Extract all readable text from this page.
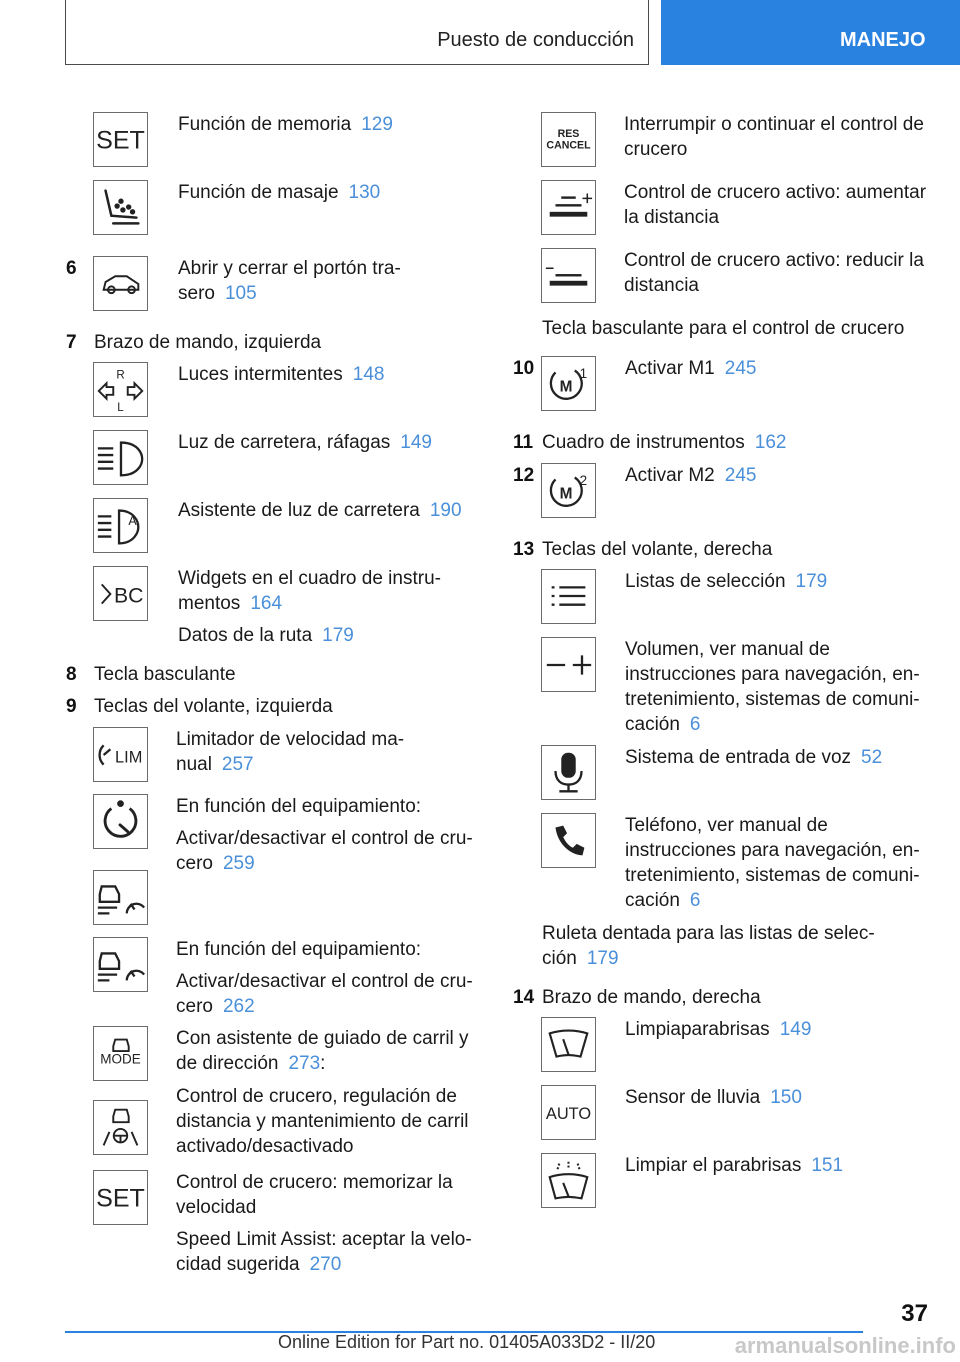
Puesto de conducción	MANEJO
SET
Función de memoria 129
Función de masaje 130
6	Abrir y cerrar el portón tra-
sero 105
7 Brazo de mando, izquierda
R
L
Luces intermitentes 148
Luz de carretera, ráfagas 149
A
Asistente de luz de carretera 190
BC
Widgets en el cuadro de instru-
mentos 164
Datos de la ruta 179
8 Tecla basculante
9 Teclas del volante, izquierda
LIM
Limitador de velocidad ma-
nual 257
En función del equipamiento:
Activar/desactivar el control de cru-
cero 259
En función del equipamiento:
Activar/desactivar el control de cru-
cero 262
MODE
Con asistente de guiado de carril y
de dirección 273:
Control de crucero, regulación de
distancia y mantenimiento de carril
activado/desactivado
SET
Control de crucero: memorizar la
velocidad
Speed Limit Assist: aceptar la velo-
cidad sugerida 270
RES
CANCEL
Interrumpir o continuar el control de
crucero
Control de crucero activo: aumentar
la distancia
Control de crucero activo: reducir la
distancia
Tecla basculante para el control de crucero
10
M
1 Activar M1 245
11 Cuadro de instrumentos 162
12
M
2 Activar M2 245
13 Teclas del volante, derecha
Listas de selección 179
Volumen, ver manual de
instrucciones para navegación, en-
tretenimiento, sistemas de comuni-
cación 6
Sistema de entrada de voz 52
Teléfono, ver manual de
instrucciones para navegación, en-
tretenimiento, sistemas de comuni-
cación 6
Ruleta dentada para las listas de selec-
ción 179
14 Brazo de mando, derecha
Limpiaparabrisas 149
AUTO
Sensor de lluvia 150
Limpiar el parabrisas 151
37
Online Edition for Part no. 01405A033D2 - II/20	armanualsonline.info
